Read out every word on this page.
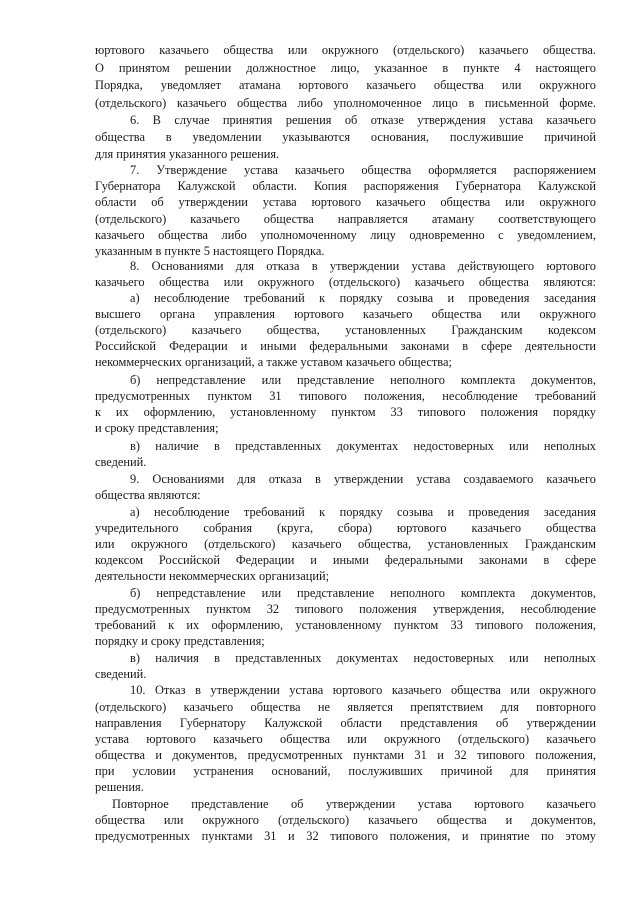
юртового казачьего общества или окружного (отдельского) казачьего общества.
О принятом решении должностное лицо, указанное в пункте 4 настоящего
Порядка, уведомляет атамана юртового казачьего общества или окружного
(отдельского) казачьего общества либо уполномоченное лицо в письменной форме.
6. В случае принятия решения об отказе утверждения устава казачьего
общества в уведомлении указываются основания, послужившие причиной
для принятия указанного решения.
7. Утверждение устава казачьего общества оформляется распоряжением
Губернатора Калужской области. Копия распоряжения Губернатора Калужской
области об утверждении устава юртового казачьего общества или окружного
(отдельского) казачьего общества направляется атаману соответствующего
казачьего общества либо уполномоченному лицу одновременно с уведомлением,
указанным в пункте 5 настоящего Порядка.
8. Основаниями для отказа в утверждении устава действующего юртового
казачьего общества или окружного (отдельского) казачьего общества являются:
а) несоблюдение требований к порядку созыва и проведения заседания
высшего органа управления юртового казачьего общества или окружного
(отдельского) казачьего общества, установленных Гражданским кодексом
Российской Федерации и иными федеральными законами в сфере деятельности
некоммерческих организаций, а также уставом казачьего общества;
б) непредставление или представление неполного комплекта документов,
предусмотренных пунктом 31 типового положения, несоблюдение требований
к их оформлению, установленному пунктом 33 типового положения порядку
и сроку представления;
в) наличие в представленных документах недостоверных или неполных
сведений.
9. Основаниями для отказа в утверждении устава создаваемого казачьего
общества являются:
а) несоблюдение требований к порядку созыва и проведения заседания
учредительного собрания (круга, сбора) юртового казачьего общества
или окружного (отдельского) казачьего общества, установленных Гражданским
кодексом Российской Федерации и иными федеральными законами в сфере
деятельности некоммерческих организаций;
б) непредставление или представление неполного комплекта документов,
предусмотренных пунктом 32 типового положения утверждения, несоблюдение
требований к их оформлению, установленному пунктом 33 типового положения,
порядку и сроку представления;
в) наличия в представленных документах недостоверных или неполных
сведений.
10. Отказ в утверждении устава юртового казачьего общества или окружного
(отдельского) казачьего общества не является препятствием для повторного
направления Губернатору Калужской области представления об утверждении
устава юртового казачьего общества или окружного (отдельского) казачьего
общества и документов, предусмотренных пунктами 31 и 32 типового положения,
при условии устранения оснований, послуживших причиной для принятия
решения.
Повторное представление об утверждении устава юртового казачьего
общества или окружного (отдельского) казачьего общества и документов,
предусмотренных пунктами 31 и 32 типового положения, и принятие по этому
